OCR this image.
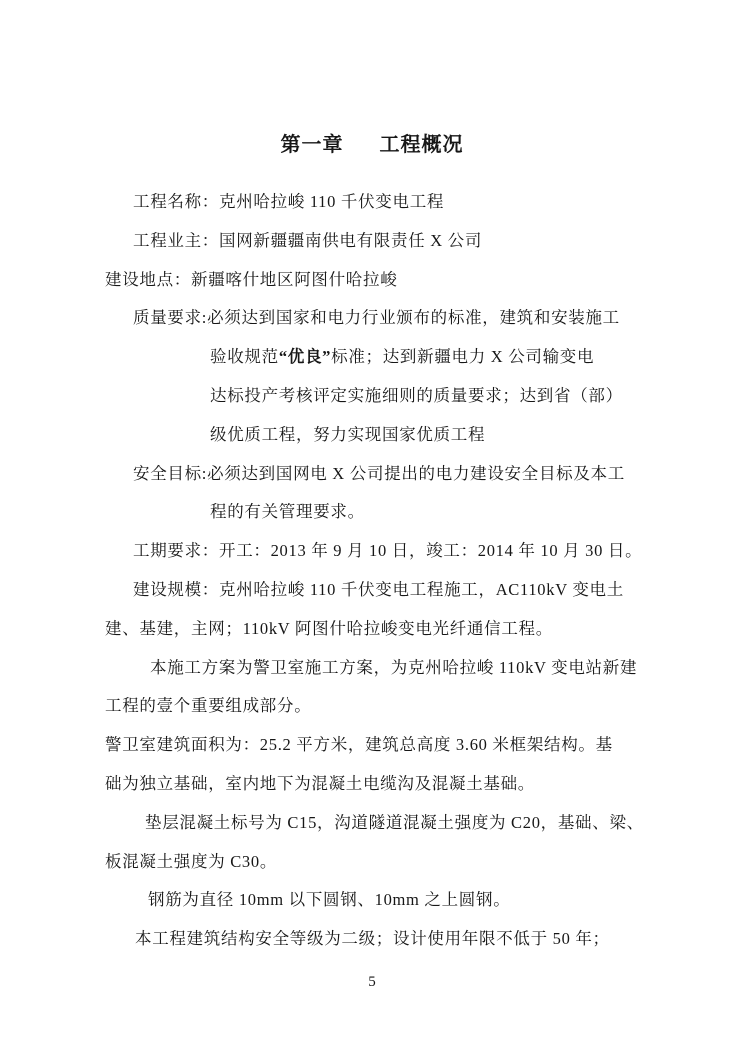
第一章 工程概况
工程名称：克州哈拉峻 110 千伏变电工程
工程业主：国网新疆疆南供电有限责任 X 公司
建设地点：新疆喀什地区阿图什哈拉峻
质量要求:必须达到国家和电力行业颁布的标准，建筑和安装施工
验收规范“优良”标准；达到新疆电力 X 公司输变电
达标投产考核评定实施细则的质量要求；达到省（部）
级优质工程，努力实现国家优质工程
安全目标:必须达到国网电 X 公司提出的电力建设安全目标及本工
程的有关管理要求。
工期要求：开工：2013 年 9 月 10 日，竣工：2014 年 10 月 30 日。
建设规模：克州哈拉峻 110 千伏变电工程施工，AC110kV 变电土
建、基建，主网；110kV 阿图什哈拉峻变电光纤通信工程。
本施工方案为警卫室施工方案，为克州哈拉峻 110kV 变电站新建
工程的壹个重要组成部分。
警卫室建筑面积为：25.2 平方米，建筑总高度 3.60 米框架结构。基
础为独立基础，室内地下为混凝土电缆沟及混凝土基础。
垫层混凝土标号为 C15，沟道隧道混凝土强度为 C20，基础、梁、
板混凝土强度为 C30。
钢筋为直径 10mm 以下圆钢、10mm 之上圆钢。
本工程建筑结构安全等级为二级；设计使用年限不低于 50 年；
5
